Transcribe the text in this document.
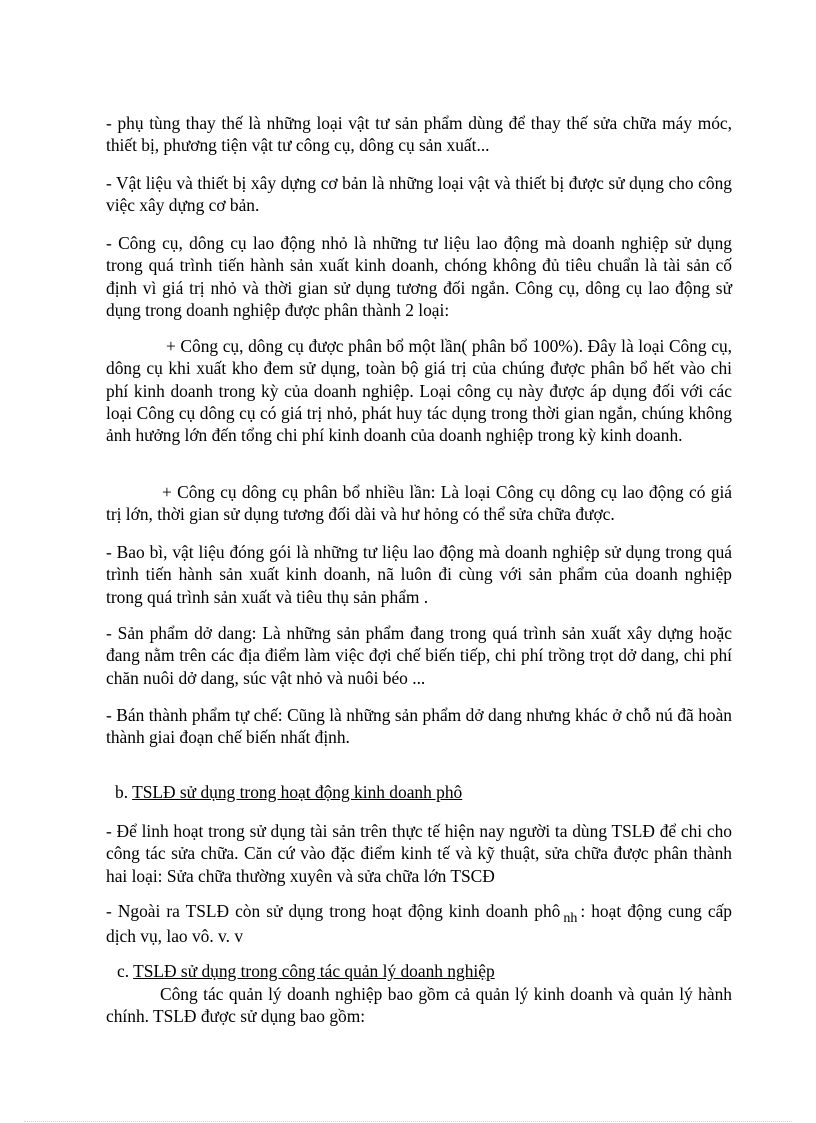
- phụ tùng thay thế là những loại vật tư sản phẩm dùng để thay thế sửa chữa máy móc, thiết bị, phương tiện vật tư công cụ, dông cụ sản xuất...

- Vật liệu và thiết bị xây dựng cơ bản là những loại vật và thiết bị được sử dụng cho công việc xây dựng cơ bản.

- Công cụ, dông cụ lao động nhỏ là những tư liệu lao động mà doanh nghiệp sử dụng trong quá trình tiến hành sản xuất kinh doanh, chóng không đủ tiêu chuẩn là tài sản cố định vì giá trị nhỏ và thời gian sử dụng tương đối ngắn. Công cụ, dông cụ lao động sử dụng trong doanh nghiệp được phân thành 2 loại:

+ Công cụ, dông cụ được phân bổ một lần( phân bổ 100%). Đây là loại Công cụ, dông cụ khi xuất kho đem sử dụng, toàn bộ giá trị của chúng được phân bổ hết vào chi phí kinh doanh trong kỳ của doanh nghiệp. Loại công cụ này được áp dụng đối với các loại Công cụ dông cụ có giá trị nhỏ, phát huy tác dụng trong thời gian ngắn, chúng không ảnh hưởng lớn đến tổng chi phí kinh doanh của doanh nghiệp trong kỳ kinh doanh.

+ Công cụ dông cụ phân bổ nhiều lần: Là loại Công cụ dông cụ lao động có giá trị lớn, thời gian sử dụng tương đối dài và hư hỏng có thể sửa chữa được.

- Bao bì, vật liệu đóng gói là những tư liệu lao động mà doanh nghiệp sử dụng trong quá trình tiến hành sản xuất kinh doanh, nã luôn đi cùng với sản phẩm của doanh nghiệp trong quá trình sản xuất và tiêu thụ sản phẩm .

- Sản phẩm dở dang: Là những sản phẩm đang trong quá trình sản xuất xây dựng hoặc đang nằm trên các địa điểm làm việc đợi chế biến tiếp, chi phí trồng trọt dở dang, chi phí chăn nuôi dở dang, súc vật nhỏ và nuôi béo ...

- Bán thành phẩm tự chế: Cũng là những sản phẩm dở dang nhưng khác ở chỗ nú đã hoàn thành giai đoạn chế biến nhất định.

b. TSLĐ sử dụng trong hoạt động kinh doanh phô

- Để linh hoạt trong sử dụng tài sản trên thực tế hiện nay người ta dùng TSLĐ để chi cho công tác sửa chữa. Căn cứ vào đặc điểm kinh tế và kỹ thuật, sửa chữa được phân thành hai loại: Sửa chữa thường xuyên và sửa chữa lớn TSCĐ

- Ngoài ra TSLĐ còn sử dụng trong hoạt động kinh doanh phô $_{nh}$ : hoạt động cung cấp dịch vụ, lao vô. v. v

c. TSLĐ sử dụng trong công tác quản lý doanh nghiệp

Công tác quản lý doanh nghiệp bao gồm cả quản lý kinh doanh và quản lý hành chính. TSLĐ được sử dụng bao gồm:
